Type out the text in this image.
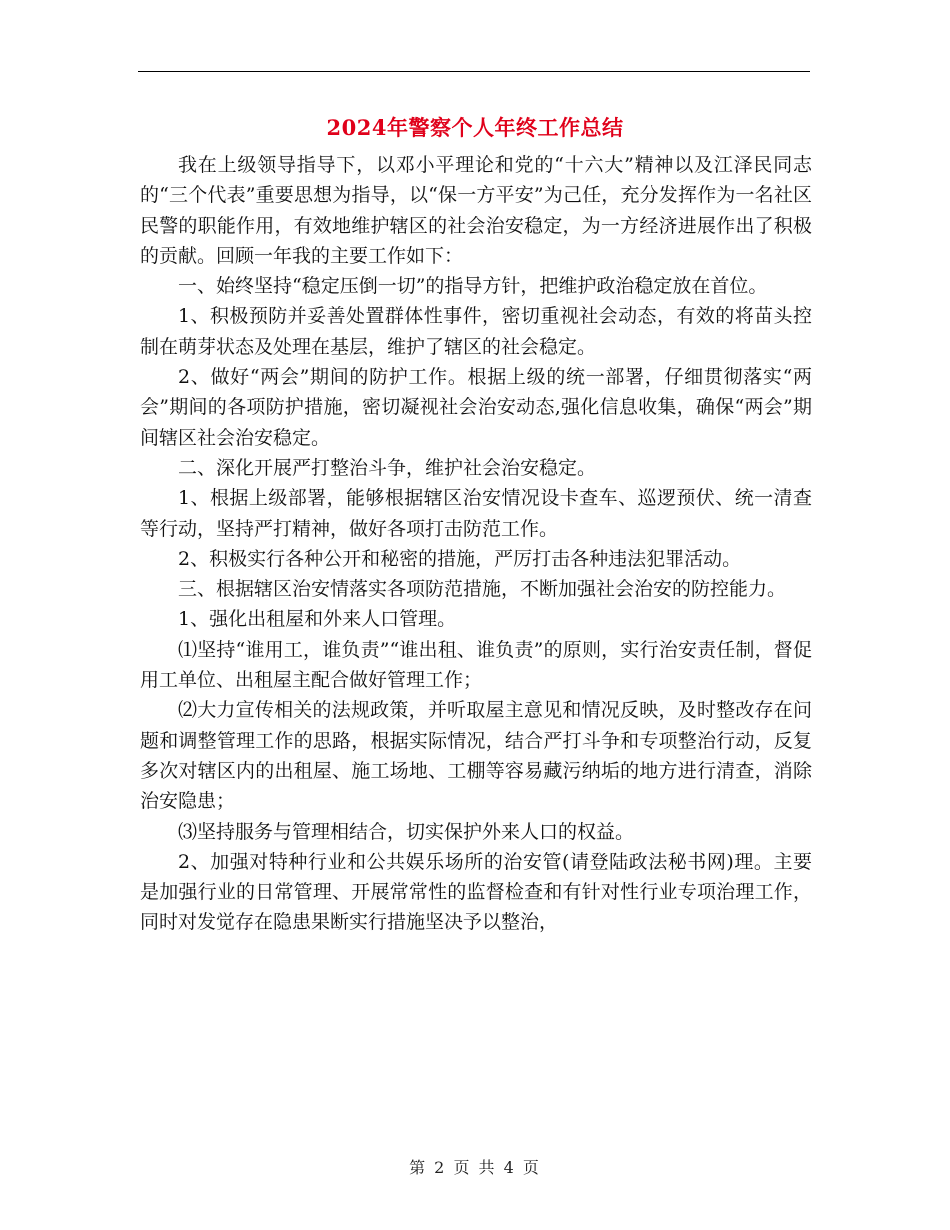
2024年警察个人年终工作总结

我在上级领导指导下，以邓小平理论和党的“十六大”精神以及江泽民同志的“三个代表”重要思想为指导，以“保一方平安”为己任，充分发挥作为一名社区民警的职能作用，有效地维护辖区的社会治安稳定，为一方经济进展作出了积极的贡献。回顾一年我的主要工作如下：

一、始终坚持“稳定压倒一切”的指导方针，把维护政治稳定放在首位。

1、积极预防并妥善处置群体性事件，密切重视社会动态，有效的将苗头控制在萌芽状态及处理在基层，维护了辖区的社会稳定。

2、做好“两会”期间的防护工作。根据上级的统一部署，仔细贯彻落实“两会”期间的各项防护措施，密切凝视社会治安动态,强化信息收集，确保“两会”期间辖区社会治安稳定。

二、深化开展严打整治斗争，维护社会治安稳定。

1、根据上级部署，能够根据辖区治安情况设卡查车、巡逻预伏、统一清查等行动，坚持严打精神，做好各项打击防范工作。

2、积极实行各种公开和秘密的措施，严厉打击各种违法犯罪活动。

三、根据辖区治安情落实各项防范措施，不断加强社会治安的防控能力。

1、强化出租屋和外来人口管理。

⑴坚持“谁用工，谁负责”“谁出租、谁负责”的原则，实行治安责任制，督促用工单位、出租屋主配合做好管理工作；

⑵大力宣传相关的法规政策，并听取屋主意见和情况反映，及时整改存在问题和调整管理工作的思路，根据实际情况，结合严打斗争和专项整治行动，反复多次对辖区内的出租屋、施工场地、工棚等容易藏污纳垢的地方进行清查，消除治安隐患；

⑶坚持服务与管理相结合，切实保护外来人口的权益。

2、加强对特种行业和公共娱乐场所的治安管(请登陆政法秘书网)理。主要是加强行业的日常管理、开展常常性的监督检查和有针对性行业专项治理工作，同时对发觉存在隐患果断实行措施坚决予以整治，

第 2 页 共 4 页
